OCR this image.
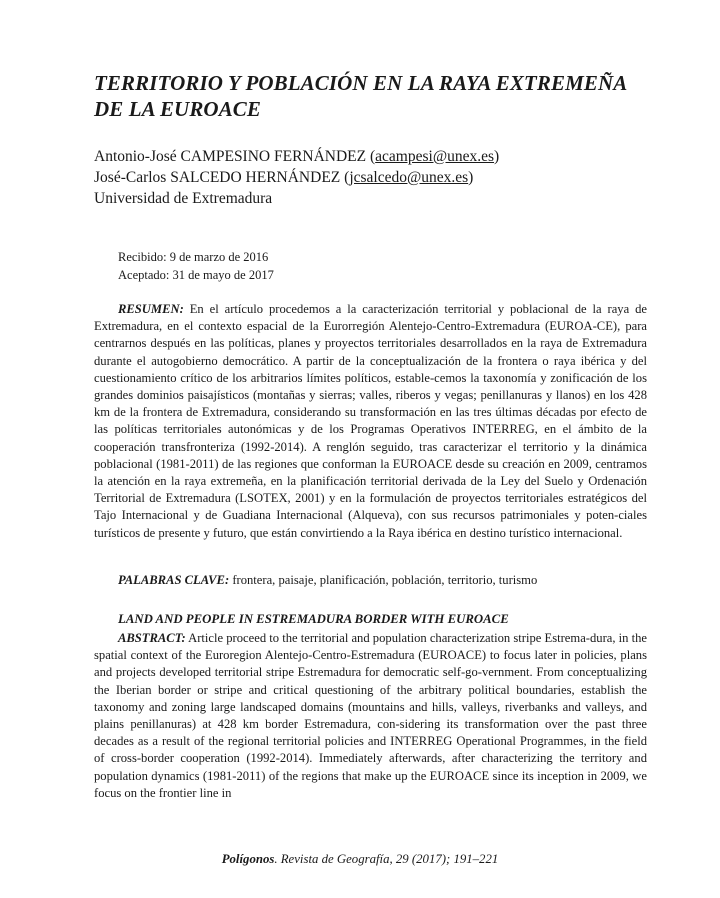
TERRITORIO Y POBLACIÓN EN LA RAYA EXTREMEÑA
DE LA EUROACE
Antonio-José CAMPESINO FERNÁNDEZ (acampesi@unex.es)
José-Carlos SALCEDO HERNÁNDEZ (jcsalcedo@unex.es)
Universidad de Extremadura
Recibido: 9 de marzo de 2016
Aceptado: 31 de mayo de 2017

RESUMEN: En el artículo procedemos a la caracterización territorial y poblacional de la raya de Extremadura, en el contexto espacial de la Eurorregión Alentejo-Centro-Extremadura (EUROA-CE), para centrarnos después en las políticas, planes y proyectos territoriales desarrollados en la raya de Extremadura durante el autogobierno democrático. A partir de la conceptualización de la frontera o raya ibérica y del cuestionamiento crítico de los arbitrarios límites políticos, estable-cemos la taxonomía y zonificación de los grandes dominios paisajísticos (montañas y sierras; valles, riberos y vegas; penillanuras y llanos) en los 428 km de la frontera de Extremadura, considerando su transformación en las tres últimas décadas por efecto de las políticas territoriales autonómicas y de los Programas Operativos INTERREG, en el ámbito de la cooperación transfronteriza (1992-2014). A renglón seguido, tras caracterizar el territorio y la dinámica poblacional (1981-2011) de las regiones que conforman la EUROACE desde su creación en 2009, centramos la atención en la raya extremeña, en la planificación territorial derivada de la Ley del Suelo y Ordenación Territorial de Extremadura (LSOTEX, 2001) y en la formulación de proyectos territoriales estratégicos del Tajo Internacional y de Guadiana Internacional (Alqueva), con sus recursos patrimoniales y poten-ciales turísticos de presente y futuro, que están convirtiendo a la Raya ibérica en destino turístico internacional.

PALABRAS CLAVE: frontera, paisaje, planificación, población, territorio, turismo

LAND AND PEOPLE IN ESTREMADURA BORDER WITH EUROACE

ABSTRACT: Article proceed to the territorial and population characterization stripe Estrema-dura, in the spatial context of the Euroregion Alentejo-Centro-Estremadura (EUROACE) to focus later in policies, plans and projects developed territorial stripe Estremadura for democratic self-go-vernment. From conceptualizing the Iberian border or stripe and critical questioning of the arbitrary political boundaries, establish the taxonomy and zoning large landscaped domains (mountains and hills, valleys, riverbanks and valleys, and plains penillanuras) at 428 km border Estremadura, con-sidering its transformation over the past three decades as a result of the regional territorial policies and INTERREG Operational Programmes, in the field of cross-border cooperation (1992-2014). Immediately afterwards, after characterizing the territory and population dynamics (1981-2011) of the regions that make up the EUROACE since its inception in 2009, we focus on the frontier line in

Polígonos. Revista de Geografía, 29 (2017); 191–221
